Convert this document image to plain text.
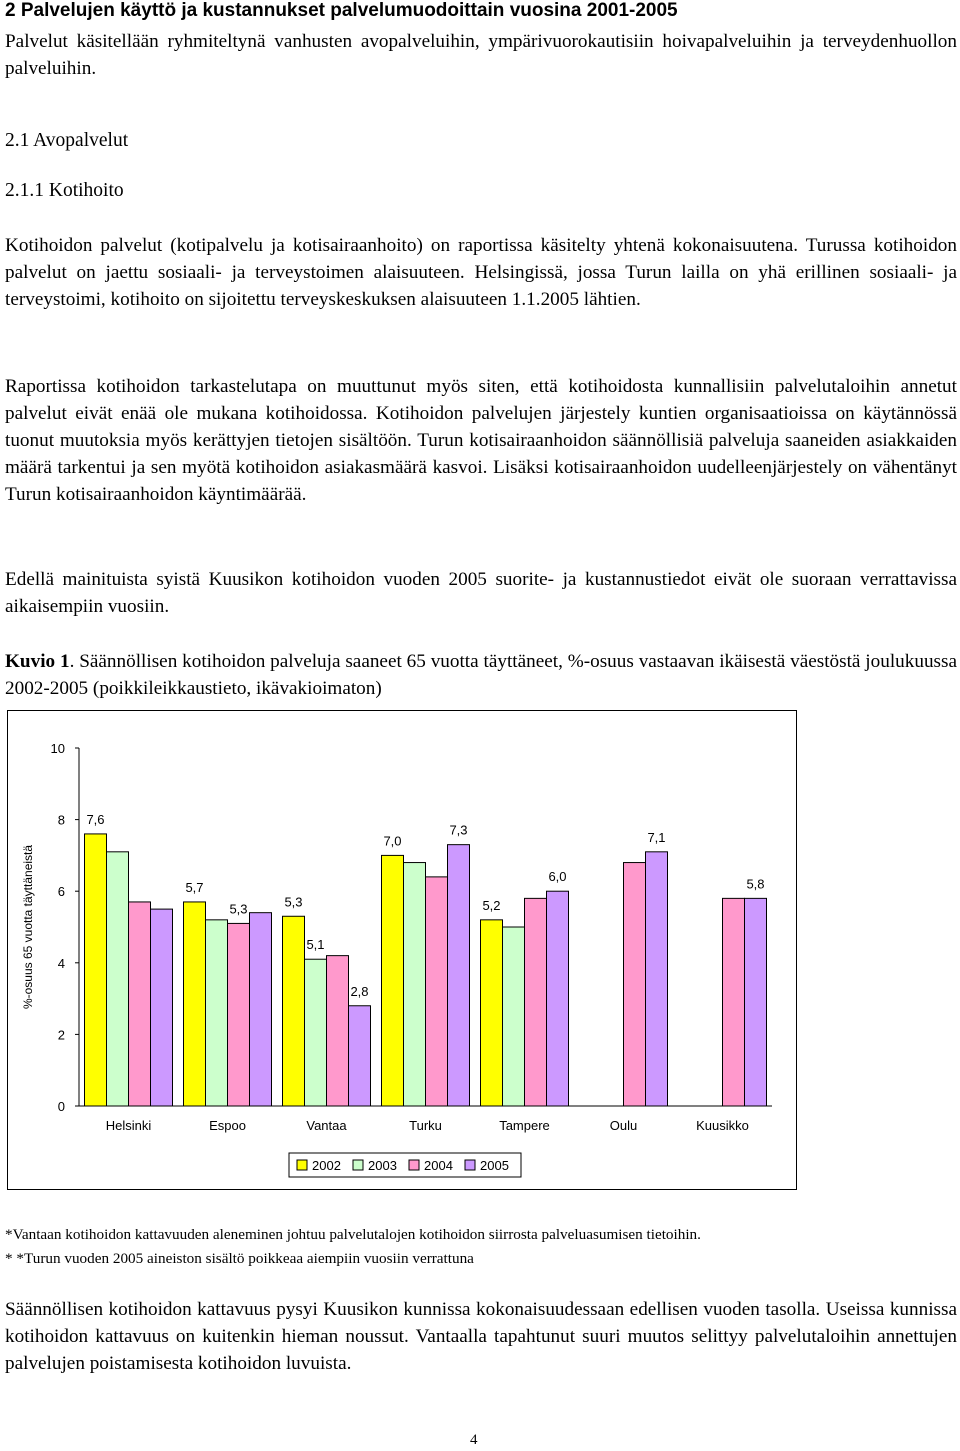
2 Palvelujen käyttö ja kustannukset palvelumuodoittain vuosina 2001-2005
Palvelut käsitellään ryhmiteltynä vanhusten avopalveluihin, ympärivuorokautisiin hoivapalveluihin ja terveydenhuollon palveluihin.
2.1 Avopalvelut
2.1.1 Kotihoito
Kotihoidon palvelut (kotipalvelu ja kotisairaanhoito) on raportissa käsitelty yhtenä kokonaisuutena. Turussa kotihoidon palvelut on jaettu sosiaali- ja terveystoimen alaisuuteen. Helsingissä, jossa Turun lailla on yhä erillinen sosiaali- ja terveystoimi, kotihoito on sijoitettu terveyskeskuksen alaisuuteen 1.1.2005 lähtien.
Raportissa kotihoidon tarkastelutapa on muuttunut myös siten, että kotihoidosta kunnallisiin palvelutaloihin annetut palvelut eivät enää ole mukana kotihoidossa. Kotihoidon palvelujen järjestely kuntien organisaatioissa on käytännössä tuonut muutoksia myös kerättyjen tietojen sisältöön. Turun kotisairaanhoidon säännöllisiä palveluja saaneiden asiakkaiden määrä tarkentui ja sen myötä kotihoidon asiakasmäärä kasvoi. Lisäksi kotisairaanhoidon uudelleenjärjestely on vähentänyt Turun kotisairaanhoidon käyntimäärää.
Edellä mainituista syistä Kuusikon kotihoidon vuoden 2005 suorite- ja kustannustiedot eivät ole suoraan verrattavissa aikaisempiin vuosiin.
Kuvio 1. Säännöllisen kotihoidon palveluja saaneet 65 vuotta täyttäneet, %-osuus vastaavan ikäisestä väestöstä joulukuussa 2002-2005 (poikkileikkaustieto, ikävakioimaton)
0
2
4
6
8
10
%-osuus 65 vuotta täyttäneistä
Helsinki	Espoo	Vantaa	Turku	Tampere	Oulu	Kuusikko
7,6
5,7
5,3	5,3
5,1
2,8
7,0
7,3
5,2
6,0
7,1
5,8
2002 2003 2004 2005
*Vantaan kotihoidon kattavuuden aleneminen johtuu palvelutalojen kotihoidon siirrosta palveluasumisen tietoihin.
* *Turun vuoden 2005 aineiston sisältö poikkeaa aiempiin vuosiin verrattuna
Säännöllisen kotihoidon kattavuus pysyi Kuusikon kunnissa kokonaisuudessaan edellisen vuoden tasolla. Useissa kunnissa kotihoidon kattavuus on kuitenkin hieman noussut. Vantaalla tapahtunut suuri muutos selittyy palvelutaloihin annettujen palvelujen poistamisesta kotihoidon luvuista.
4
